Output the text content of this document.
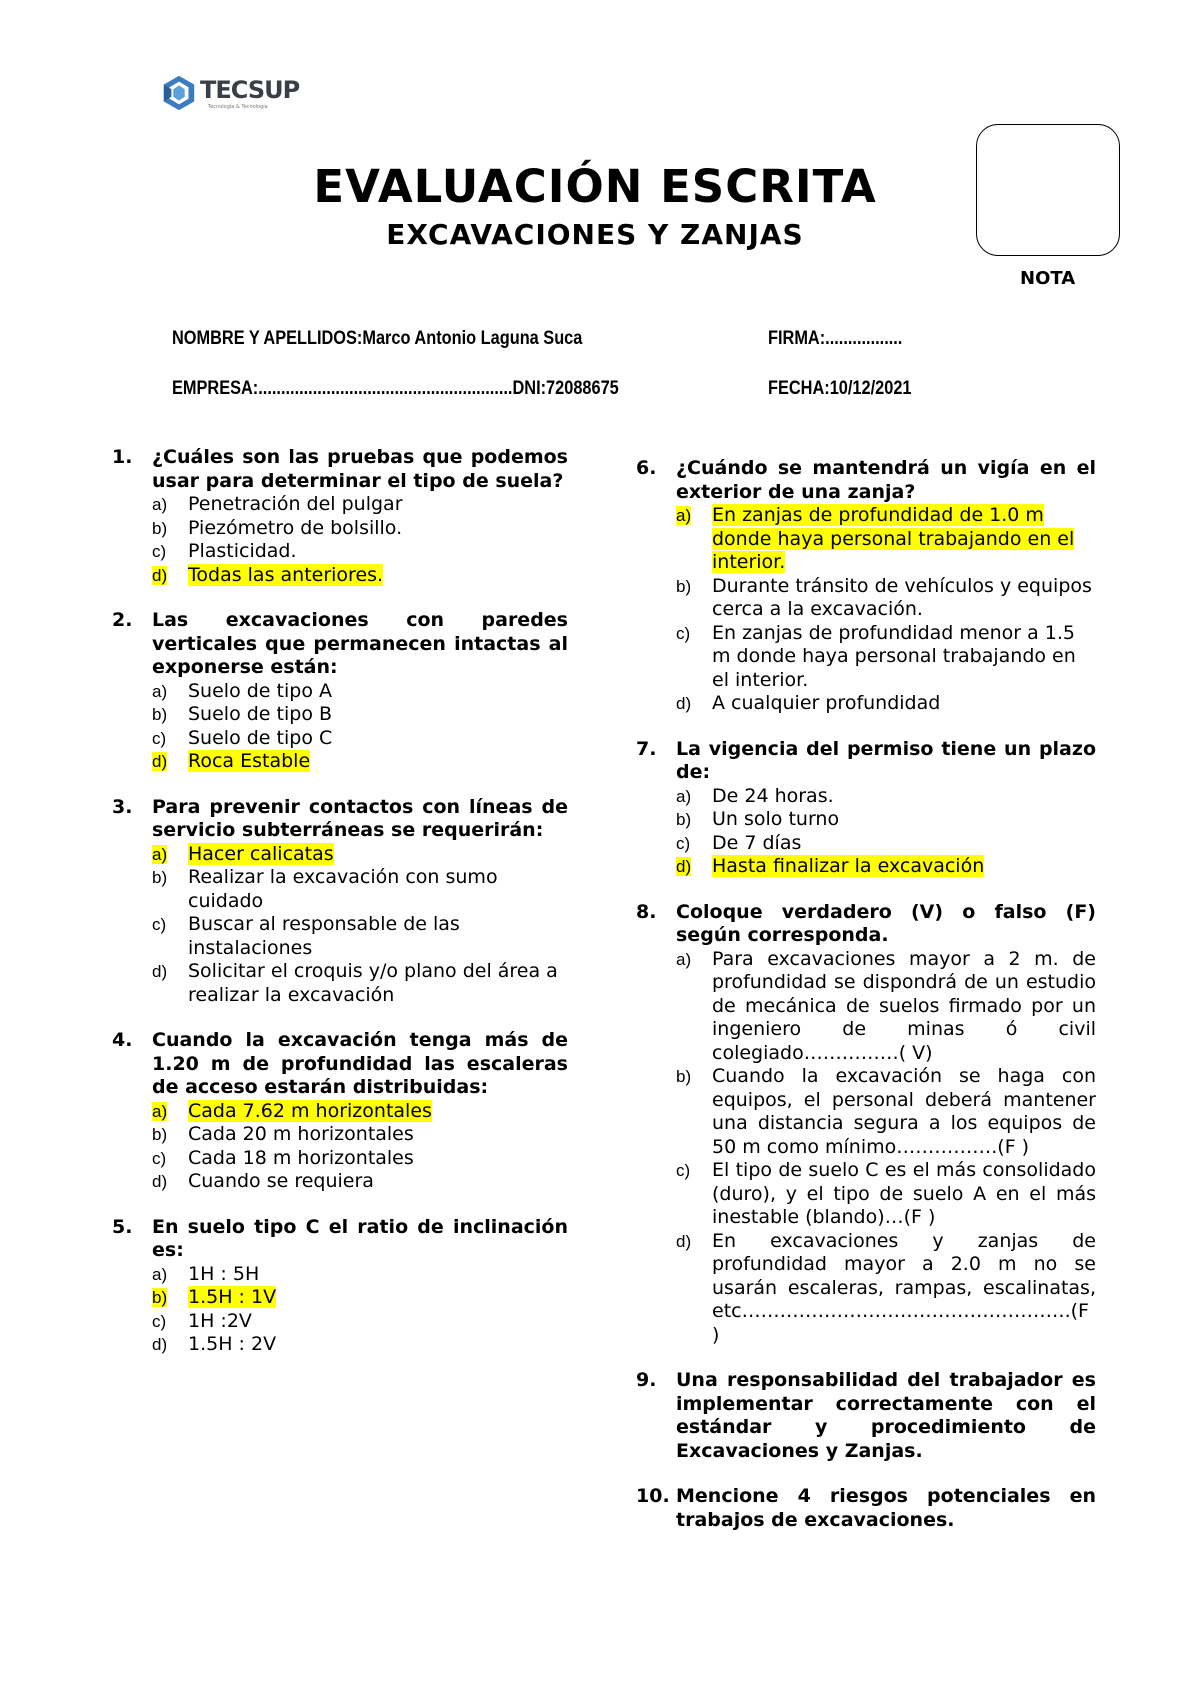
TECSUP
Tecnología & Tecnología
EVALUACIÓN ESCRITA
EXCAVACIONES Y ZANJAS
NOTA
NOMBRE Y APELLIDOS:Marco Antonio Laguna Suca	FIRMA:.................
EMPRESA:........................................................DNI:72088675	FECHA:10/12/2021
1.	¿Cuáles son las pruebas que podemos usar para determinar el tipo de suela?
a)	Penetración del pulgar
b)	Piezómetro de bolsillo.
c)	Plasticidad.
d)	Todas las anteriores.
2.	Las excavaciones con paredes verticales que permanecen intactas al exponerse están:
a)	Suelo de tipo A
b)	Suelo de tipo B
c)	Suelo de tipo C
d)	Roca Estable
3.	Para prevenir contactos con líneas de servicio subterráneas se requerirán:
a)	Hacer calicatas
b)	Realizar la excavación con sumo cuidado
c)	Buscar al responsable de las instalaciones
d)	Solicitar el croquis y/o plano del área a realizar la excavación
4.	Cuando la excavación tenga más de 1.20 m de profundidad las escaleras de acceso estarán distribuidas:
a)	Cada 7.62 m horizontales
b)	Cada 20 m horizontales
c)	Cada 18 m horizontales
d)	Cuando se requiera
5.	En suelo tipo C el ratio de inclinación es:
a)	1H : 5H
b)	1.5H : 1V
c)	1H :2V
d)	1.5H : 2V
6.	¿Cuándo se mantendrá un vigía en el exterior de una zanja?
a)	En zanjas de profundidad de 1.0 m donde haya personal trabajando en el interior.
b)	Durante tránsito de vehículos y equipos cerca a la excavación.
c)	En zanjas de profundidad menor a 1.5 m donde haya personal trabajando en el interior.
d)	A cualquier profundidad
7.	La vigencia del permiso tiene un plazo de:
a)	De 24 horas.
b)	Un solo turno
c)	De 7 días
d)	Hasta finalizar la excavación
8.	Coloque verdadero (V) o falso (F) según corresponda.
a)	Para excavaciones mayor a 2 m. de profundidad se dispondrá de un estudio de mecánica de suelos firmado por un ingeniero de minas ó civil colegiado……………( V)
b)	Cuando la excavación se haga con equipos, el personal deberá mantener una distancia segura a los equipos de 50 m como mínimo…………….(F )
c)	El tipo de suelo C es el más consolidado (duro), y el tipo de suelo A en el más inestable (blando)…(F )
d)	En excavaciones y zanjas de profundidad mayor a 2.0 m no se usarán escaleras, rampas, escalinatas, etc…………………………………………….(F )
9.	Una responsabilidad del trabajador es implementar correctamente con el estándar y procedimiento de Excavaciones y Zanjas.
10. Mencione 4 riesgos potenciales en trabajos de excavaciones.
